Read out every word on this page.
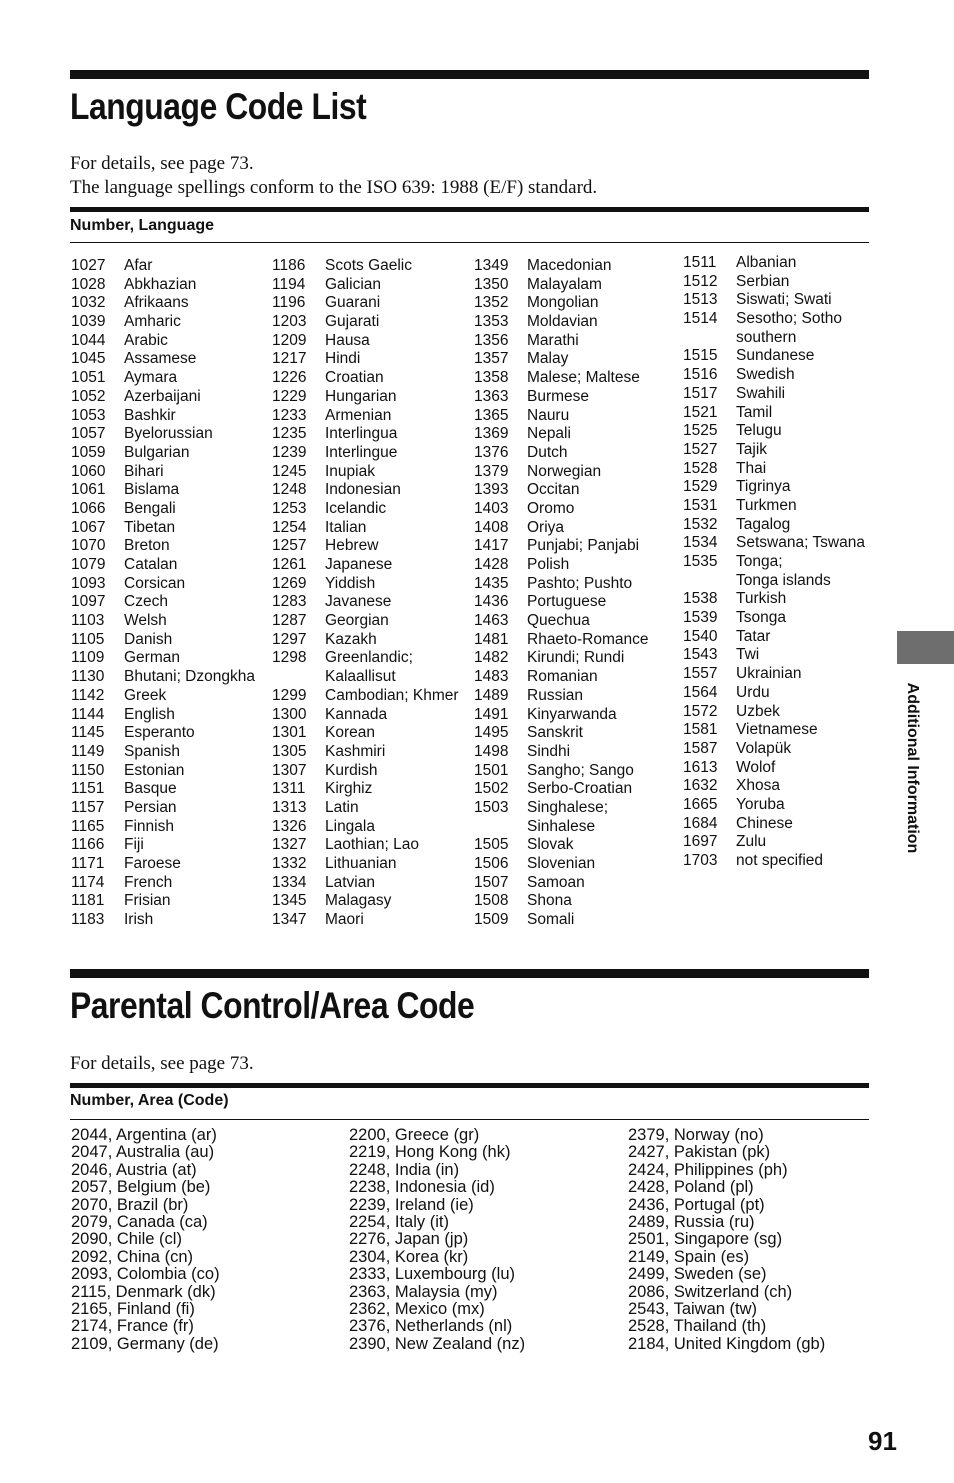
Language Code List

For details, see page 73.

The language spellings conform to the ISO 639: 1988 (E/F) standard.

Number, Language

1027	Afar
1028	Abkhazian
1032	Afrikaans
1039	Amharic
1044	Arabic
1045	Assamese
1051	Aymara
1052	Azerbaijani
1053	Bashkir
1057	Byelorussian
1059	Bulgarian
1060	Bihari
1061	Bislama
1066	Bengali
1067	Tibetan
1070	Breton
1079	Catalan
1093	Corsican
1097	Czech
1103	Welsh
1105	Danish
1109	German
1130	Bhutani; Dzongkha
1142	Greek
1144	English
1145	Esperanto
1149	Spanish
1150	Estonian
1151	Basque
1157	Persian
1165	Finnish
1166	Fiji
1171	Faroese
1174	French
1181	Frisian
1183	Irish
1186	Scots Gaelic
1194	Galician
1196	Guarani
1203	Gujarati
1209	Hausa
1217	Hindi
1226	Croatian
1229	Hungarian
1233	Armenian
1235	Interlingua
1239	Interlingue
1245	Inupiak
1248	Indonesian
1253	Icelandic
1254	Italian
1257	Hebrew
1261	Japanese
1269	Yiddish
1283	Javanese
1287	Georgian
1297	Kazakh
1298	Greenlandic;
Kalaallisut
1299	Cambodian; Khmer
1300	Kannada
1301	Korean
1305	Kashmiri
1307	Kurdish
1311	Kirghiz
1313	Latin
1326	Lingala
1327	Laothian; Lao
1332	Lithuanian
1334	Latvian
1345	Malagasy
1347	Maori
1349	Macedonian
1350	Malayalam
1352	Mongolian
1353	Moldavian
1356	Marathi
1357	Malay
1358	Malese; Maltese
1363	Burmese
1365	Nauru
1369	Nepali
1376	Dutch
1379	Norwegian
1393	Occitan
1403	Oromo
1408	Oriya
1417	Punjabi; Panjabi
1428	Polish
1435	Pashto; Pushto
1436	Portuguese
1463	Quechua
1481	Rhaeto-Romance
1482	Kirundi; Rundi
1483	Romanian
1489	Russian
1491	Kinyarwanda
1495	Sanskrit
1498	Sindhi
1501	Sangho; Sango
1502	Serbo-Croatian
1503	Singhalese;
Sinhalese
1505	Slovak
1506	Slovenian
1507	Samoan
1508	Shona
1509	Somali
1511	Albanian
1512	Serbian
1513	Siswati; Swati
1514	Sesotho; Sotho
southern
1515	Sundanese
1516	Swedish
1517	Swahili
1521	Tamil
1525	Telugu
1527	Tajik
1528	Thai
1529	Tigrinya
1531	Turkmen
1532	Tagalog
1534	Setswana; Tswana
1535	Tonga;
Tonga islands
1538	Turkish
1539	Tsonga
1540	Tatar
1543	Twi
1557	Ukrainian
1564	Urdu
1572	Uzbek
1581	Vietnamese
1587	Volapük
1613	Wolof
1632	Xhosa
1665	Yoruba
1684	Chinese
1697	Zulu
1703	not specified
Parental Control/Area Code

For details, see page 73.

Number, Area (Code)

2044, Argentina (ar)
2047, Australia (au)
2046, Austria (at)
2057, Belgium (be)
2070, Brazil (br)
2079, Canada (ca)
2090, Chile (cl)
2092, China (cn)
2093, Colombia (co)
2115, Denmark (dk)
2165, Finland (fi)
2174, France (fr)
2109, Germany (de)
2200, Greece (gr)
2219, Hong Kong (hk)
2248, India (in)
2238, Indonesia (id)
2239, Ireland (ie)
2254, Italy (it)
2276, Japan (jp)
2304, Korea (kr)
2333, Luxembourg (lu)
2363, Malaysia (my)
2362, Mexico (mx)
2376, Netherlands (nl)
2390, New Zealand (nz)
2379, Norway (no)
2427, Pakistan (pk)
2424, Philippines (ph)
2428, Poland (pl)
2436, Portugal (pt)
2489, Russia (ru)
2501, Singapore (sg)
2149, Spain (es)
2499, Sweden (se)
2086, Switzerland (ch)
2543, Taiwan (tw)
2528, Thailand (th)
2184, United Kingdom (gb)
Additional Information
91
